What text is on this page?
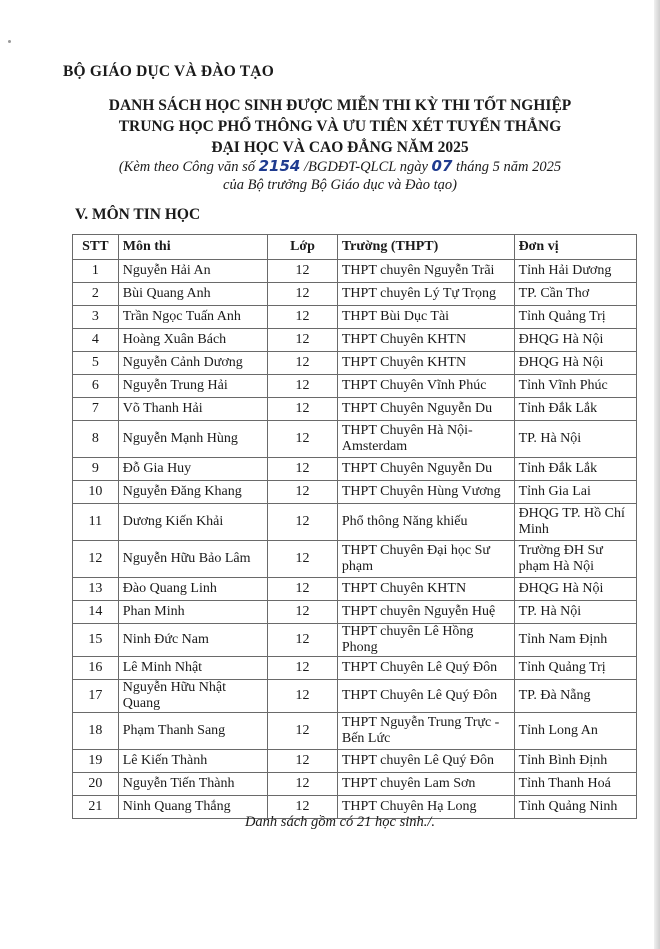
BỘ GIÁO DỤC VÀ ĐÀO TẠO
DANH SÁCH HỌC SINH ĐƯỢC MIỄN THI KỲ THI TỐT NGHIỆP
TRUNG HỌC PHỔ THÔNG VÀ ƯU TIÊN XÉT TUYỂN THẲNG
ĐẠI HỌC VÀ CAO ĐẲNG NĂM 2025
(Kèm theo Công văn số 2154 /BGDĐT-QLCL ngày 07 tháng 5 năm 2025
của Bộ trưởng Bộ Giáo dục và Đào tạo)
V. MÔN TIN HỌC
STT	Môn thi	Lớp	Trường (THPT)	Đơn vị
1	Nguyễn Hải An	12	THPT chuyên Nguyễn Trãi	Tỉnh Hải Dương
2	Bùi Quang Anh	12	THPT chuyên Lý Tự Trọng	TP. Cần Thơ
3	Trần Ngọc Tuấn Anh	12	THPT Bùi Dục Tài	Tỉnh Quảng Trị
4	Hoàng Xuân Bách	12	THPT Chuyên KHTN	ĐHQG Hà Nội
5	Nguyễn Cảnh Dương	12	THPT Chuyên KHTN	ĐHQG Hà Nội
6	Nguyễn Trung Hải	12	THPT Chuyên Vĩnh Phúc	Tỉnh Vĩnh Phúc
7	Võ Thanh Hải	12	THPT Chuyên Nguyễn Du	Tỉnh Đắk Lắk
8	Nguyễn Mạnh Hùng	12	THPT Chuyên Hà Nội-Amsterdam	TP. Hà Nội
9	Đỗ Gia Huy	12	THPT Chuyên Nguyễn Du	Tỉnh Đắk Lắk
10	Nguyễn Đăng Khang	12	THPT Chuyên Hùng Vương	Tỉnh Gia Lai
11	Dương Kiến Khải	12	Phổ thông Năng khiếu	ĐHQG TP. Hồ Chí Minh
12	Nguyễn Hữu Bảo Lâm	12	THPT Chuyên Đại học Sư phạm	Trường ĐH Sư phạm Hà Nội
13	Đào Quang Linh	12	THPT Chuyên KHTN	ĐHQG Hà Nội
14	Phan Minh	12	THPT chuyên Nguyễn Huệ	TP. Hà Nội
15	Ninh Đức Nam	12	THPT chuyên Lê Hồng Phong	Tỉnh Nam Định
16	Lê Minh Nhật	12	THPT Chuyên Lê Quý Đôn	Tỉnh Quảng Trị
17	Nguyễn Hữu Nhật Quang	12	THPT Chuyên Lê Quý Đôn	TP. Đà Nẵng
18	Phạm Thanh Sang	12	THPT Nguyễn Trung Trực - Bến Lức	Tỉnh Long An
19	Lê Kiến Thành	12	THPT chuyên Lê Quý Đôn	Tỉnh Bình Định
20	Nguyễn Tiến Thành	12	THPT chuyên Lam Sơn	Tỉnh Thanh Hoá
21	Ninh Quang Thắng	12	THPT Chuyên Hạ Long	Tỉnh Quảng Ninh
Danh sách gồm có 21 học sinh./.
